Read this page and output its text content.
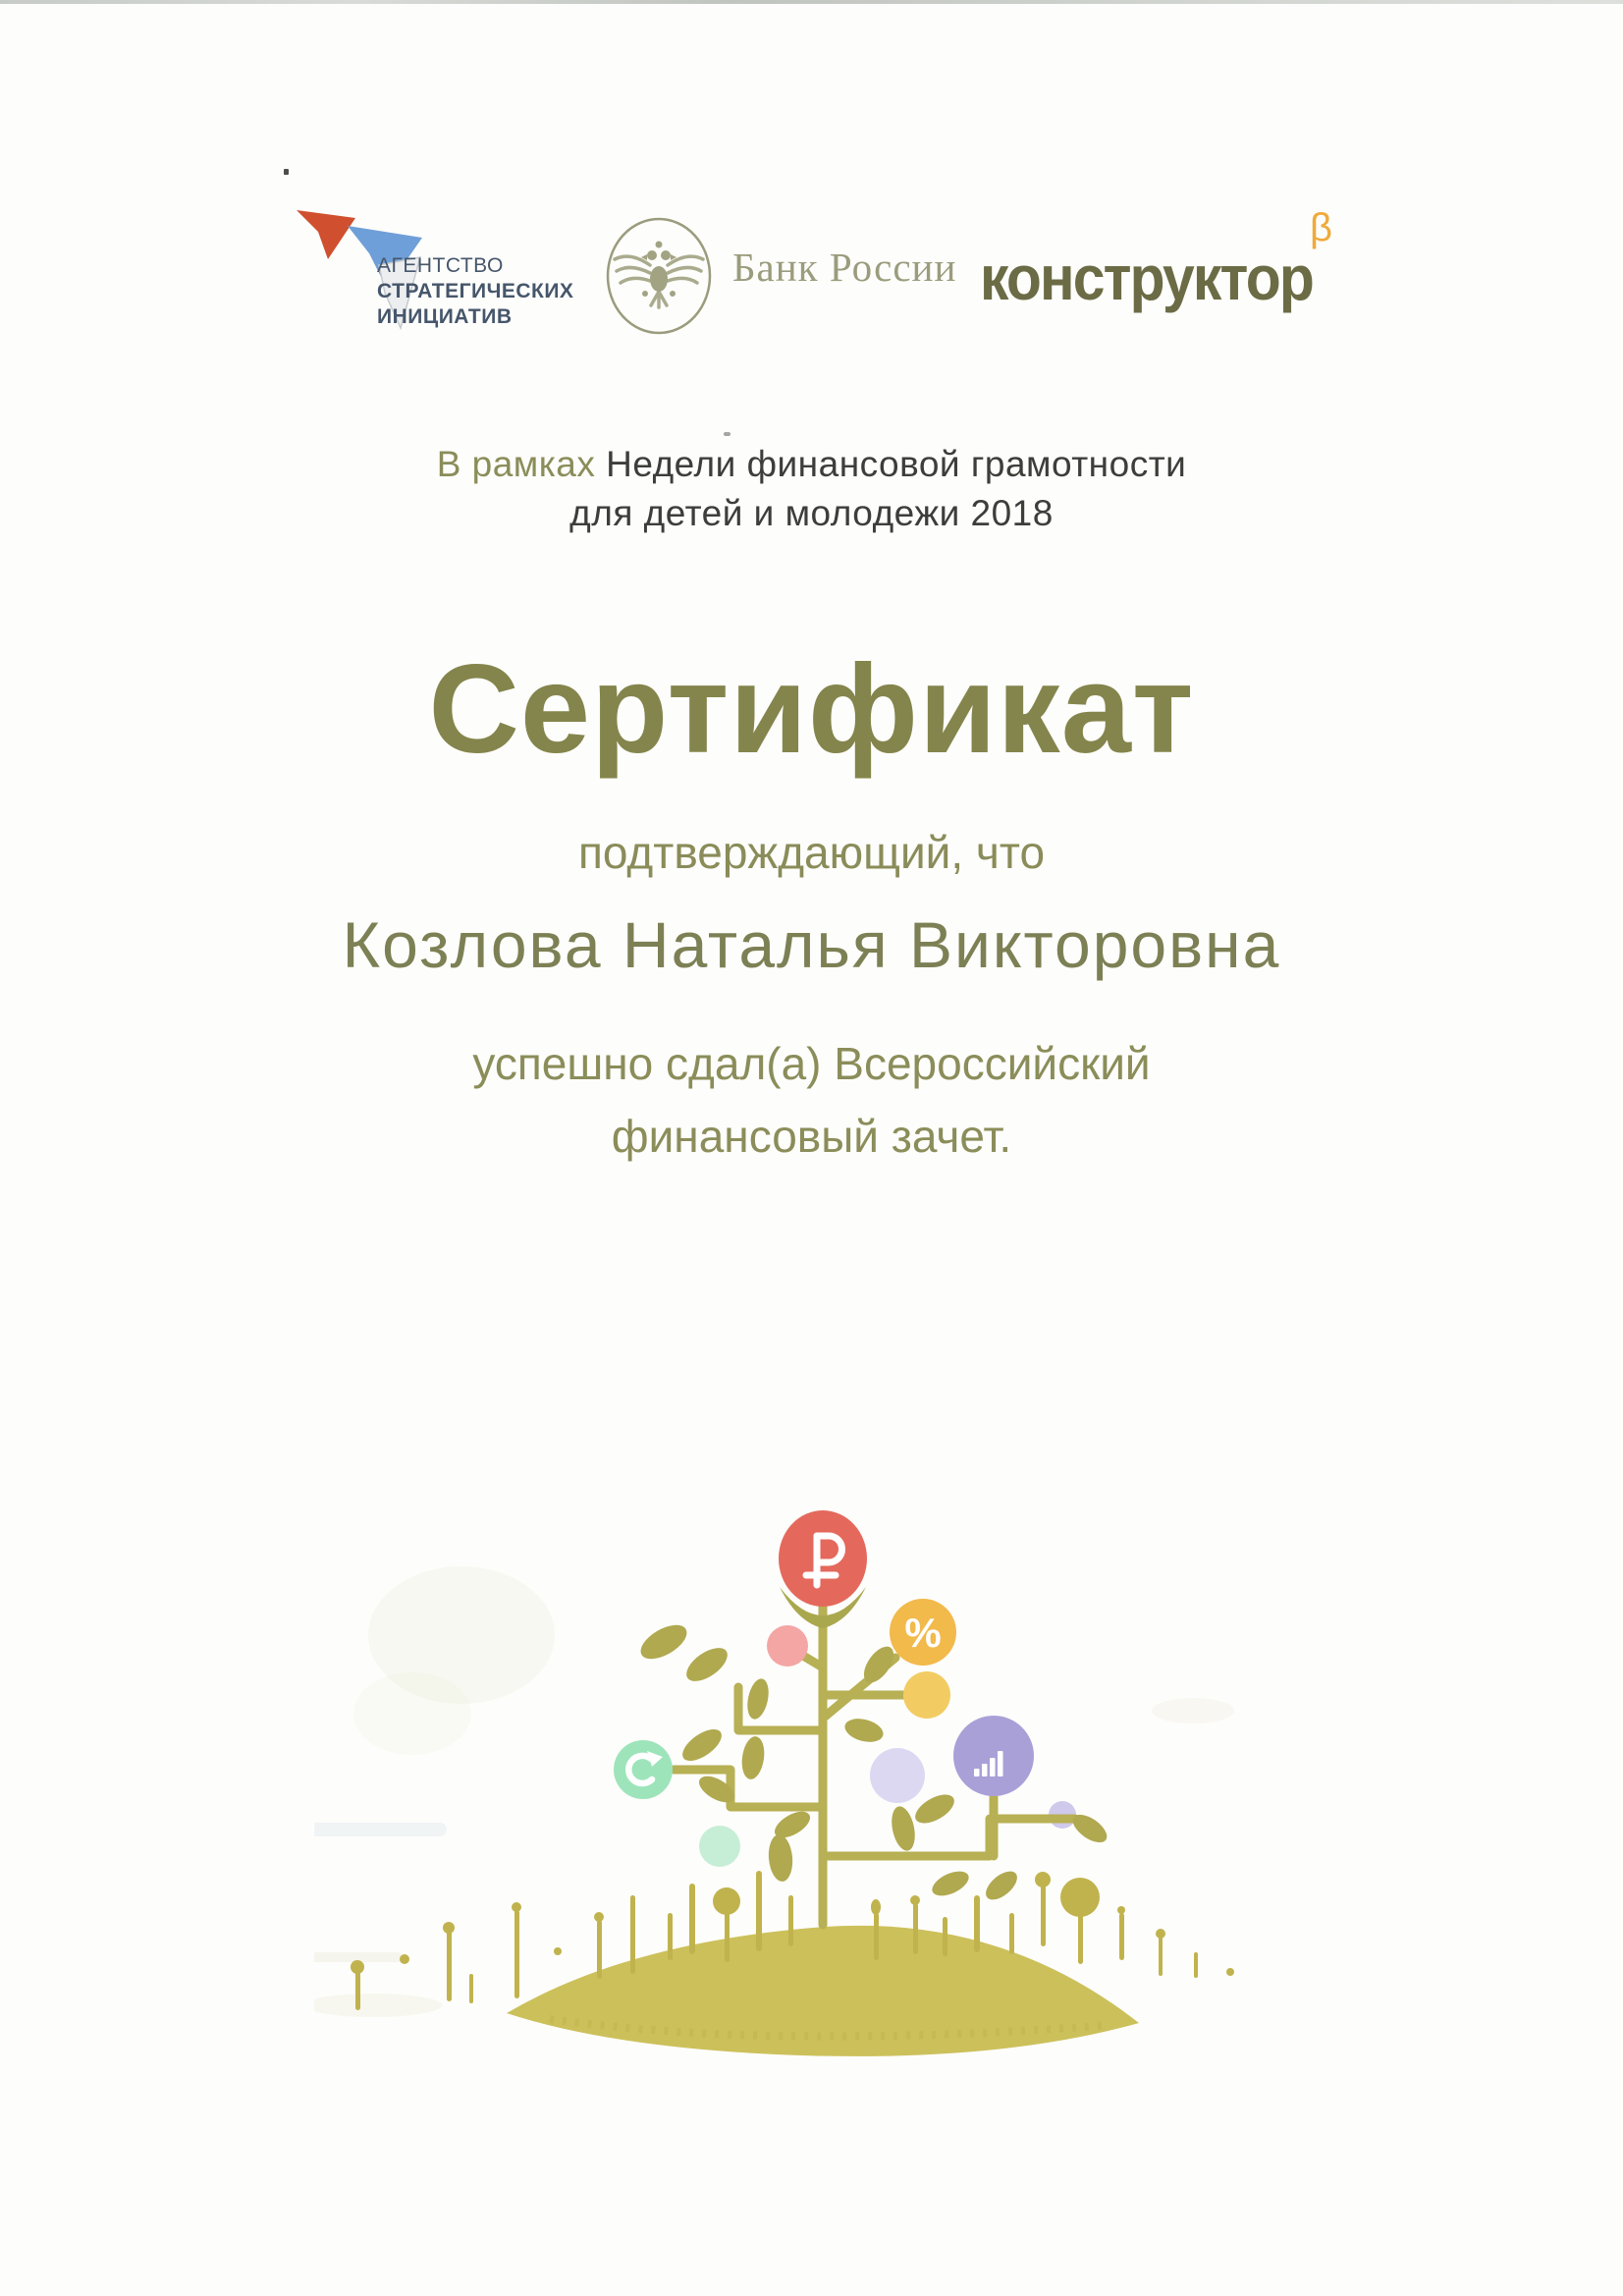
АГЕНТСТВО
СТРАТЕГИЧЕСКИХ
ИНИЦИАТИВ
Банк России конструктор
β
В рамках Недели финансовой грамотности
для детей и молодежи 2018
Сертификат
подтверждающий, что
Козлова Наталья Викторовна
успешно сдал(а) Всероссийский
финансовый зачет.
%
